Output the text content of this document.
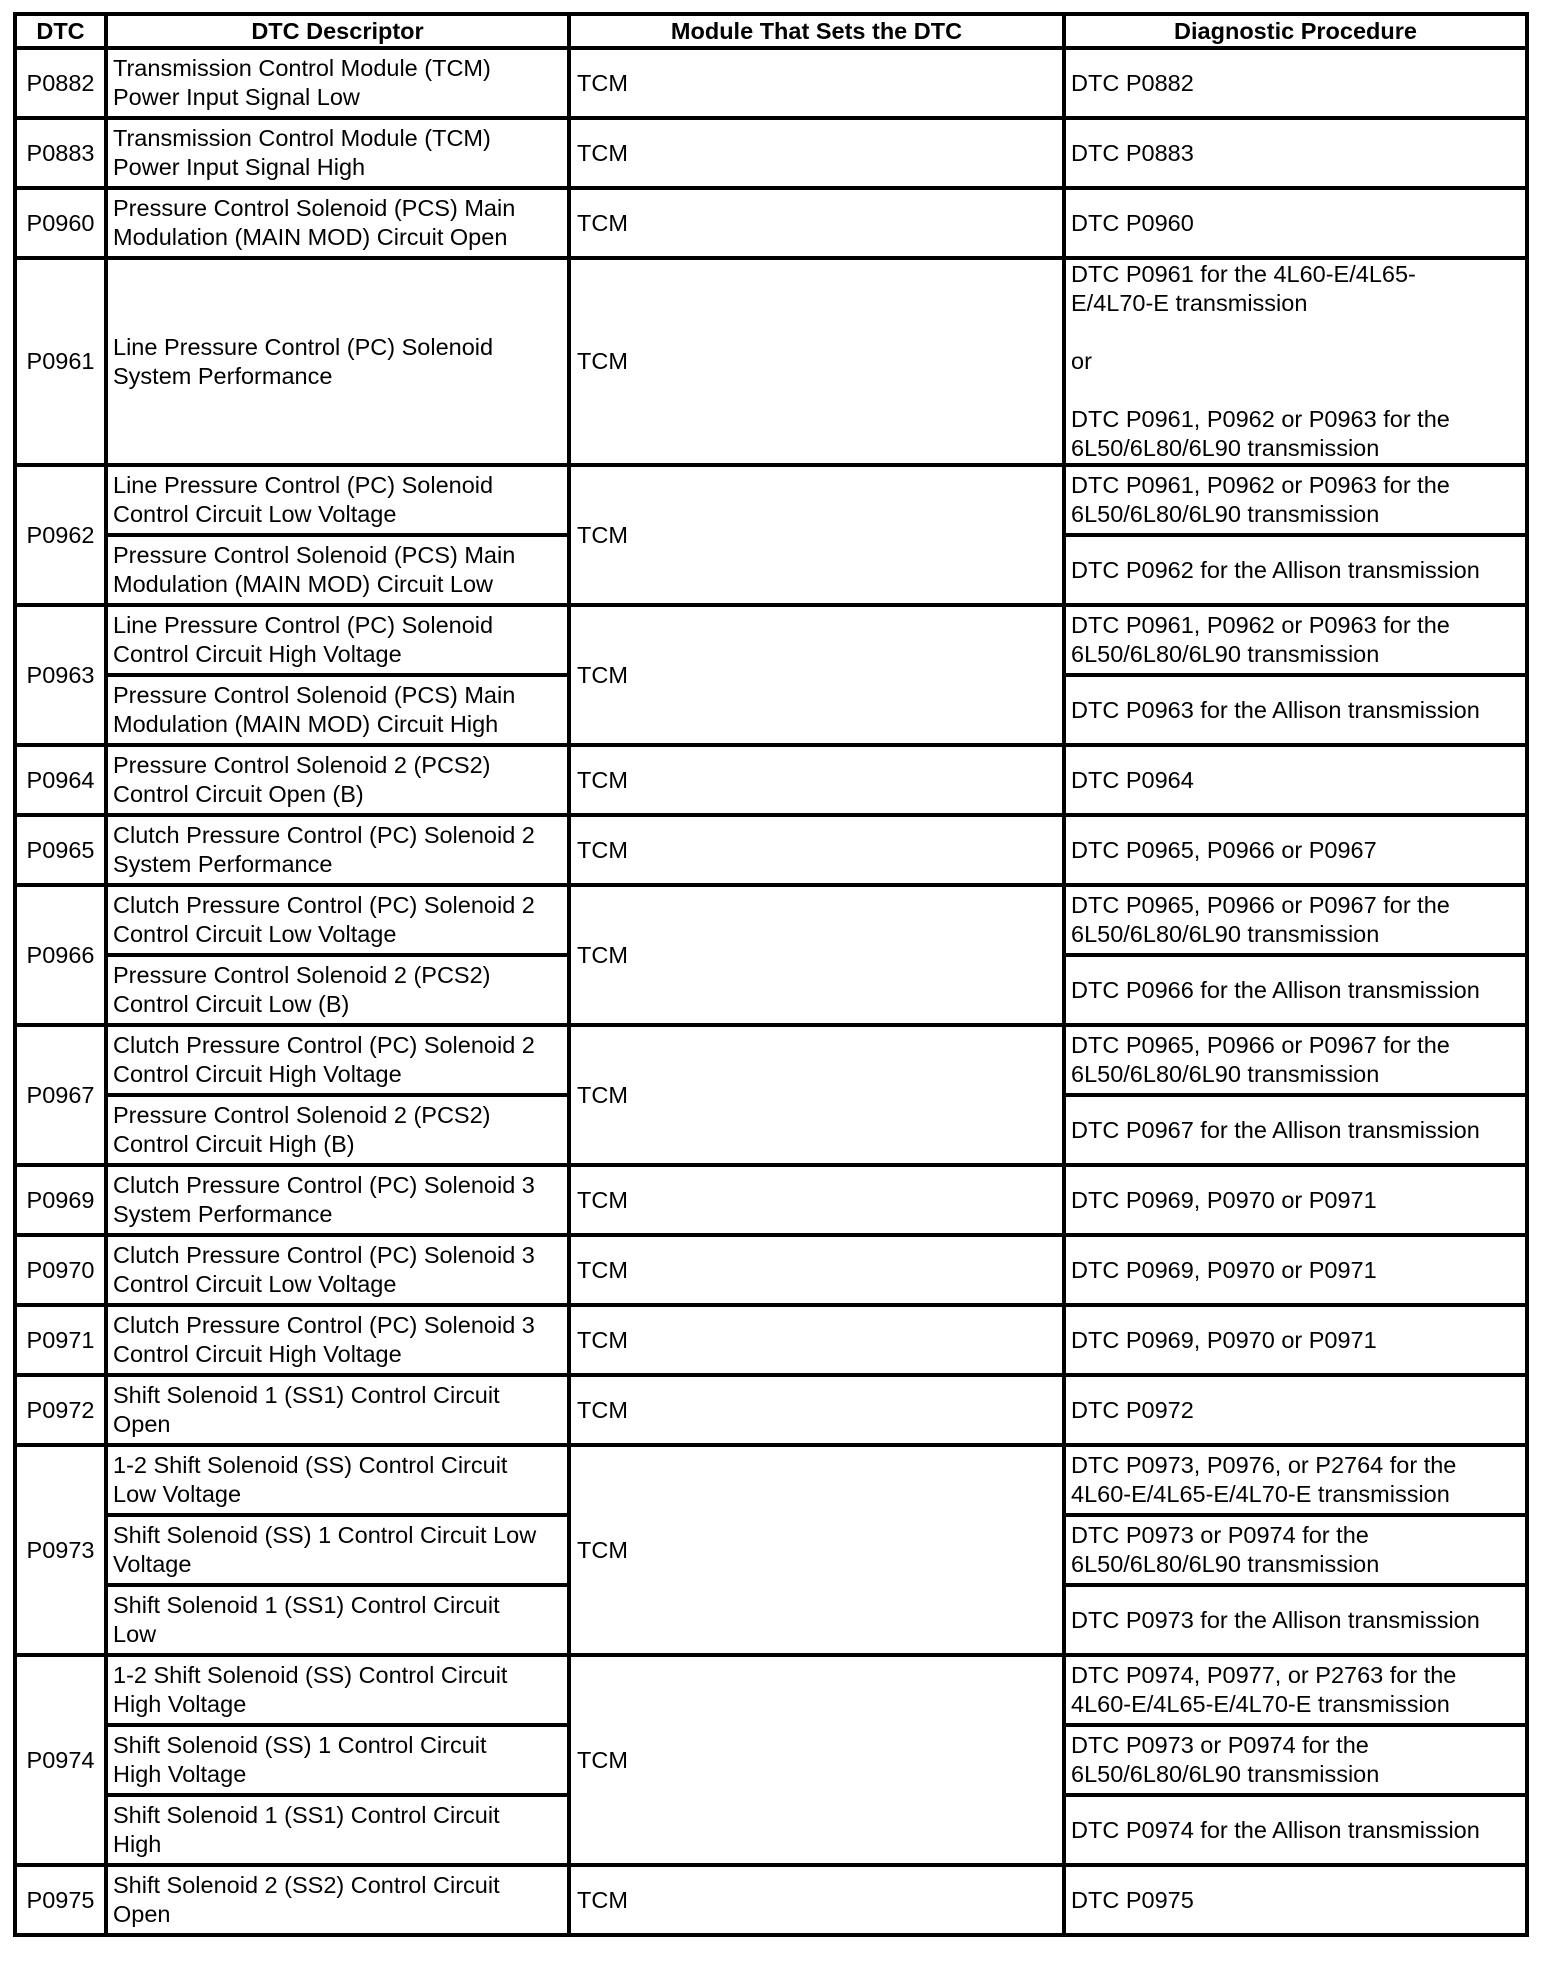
DTC	DTC Descriptor	Module That Sets the DTC	Diagnostic Procedure
P0882	Transmission Control Module (TCM)
Power Input Signal Low	TCM	DTC P0882
P0883	Transmission Control Module (TCM)
Power Input Signal High	TCM	DTC P0883
P0960	Pressure Control Solenoid (PCS) Main
Modulation (MAIN MOD) Circuit Open	TCM	DTC P0960
P0961	Line Pressure Control (PC) Solenoid
System Performance	TCM	DTC P0961 for the 4L60-E/4L65-
E/4L70-E transmission

or

DTC P0961, P0962 or P0963 for the
6L50/6L80/6L90 transmission
P0962	Line Pressure Control (PC) Solenoid
Control Circuit Low Voltage	TCM	DTC P0961, P0962 or P0963 for the
6L50/6L80/6L90 transmission
	Pressure Control Solenoid (PCS) Main
Modulation (MAIN MOD) Circuit Low		DTC P0962 for the Allison transmission
P0963	Line Pressure Control (PC) Solenoid
Control Circuit High Voltage	TCM	DTC P0961, P0962 or P0963 for the
6L50/6L80/6L90 transmission
	Pressure Control Solenoid (PCS) Main
Modulation (MAIN MOD) Circuit High		DTC P0963 for the Allison transmission
P0964	Pressure Control Solenoid 2 (PCS2)
Control Circuit Open (B)	TCM	DTC P0964
P0965	Clutch Pressure Control (PC) Solenoid 2
System Performance	TCM	DTC P0965, P0966 or P0967
P0966	Clutch Pressure Control (PC) Solenoid 2
Control Circuit Low Voltage	TCM	DTC P0965, P0966 or P0967 for the
6L50/6L80/6L90 transmission
	Pressure Control Solenoid 2 (PCS2)
Control Circuit Low (B)		DTC P0966 for the Allison transmission
P0967	Clutch Pressure Control (PC) Solenoid 2
Control Circuit High Voltage	TCM	DTC P0965, P0966 or P0967 for the
6L50/6L80/6L90 transmission
	Pressure Control Solenoid 2 (PCS2)
Control Circuit High (B)		DTC P0967 for the Allison transmission
P0969	Clutch Pressure Control (PC) Solenoid 3
System Performance	TCM	DTC P0969, P0970 or P0971
P0970	Clutch Pressure Control (PC) Solenoid 3
Control Circuit Low Voltage	TCM	DTC P0969, P0970 or P0971
P0971	Clutch Pressure Control (PC) Solenoid 3
Control Circuit High Voltage	TCM	DTC P0969, P0970 or P0971
P0972	Shift Solenoid 1 (SS1) Control Circuit
Open	TCM	DTC P0972
P0973	1-2 Shift Solenoid (SS) Control Circuit
Low Voltage	TCM	DTC P0973, P0976, or P2764 for the
4L60-E/4L65-E/4L70-E transmission
	Shift Solenoid (SS) 1 Control Circuit Low
Voltage		DTC P0973 or P0974 for the
6L50/6L80/6L90 transmission
	Shift Solenoid 1 (SS1) Control Circuit
Low		DTC P0973 for the Allison transmission
P0974	1-2 Shift Solenoid (SS) Control Circuit
High Voltage	TCM	DTC P0974, P0977, or P2763 for the
4L60-E/4L65-E/4L70-E transmission
	Shift Solenoid (SS) 1 Control Circuit
High Voltage		DTC P0973 or P0974 for the
6L50/6L80/6L90 transmission
	Shift Solenoid 1 (SS1) Control Circuit
High		DTC P0974 for the Allison transmission
P0975	Shift Solenoid 2 (SS2) Control Circuit
Open	TCM	DTC P0975
